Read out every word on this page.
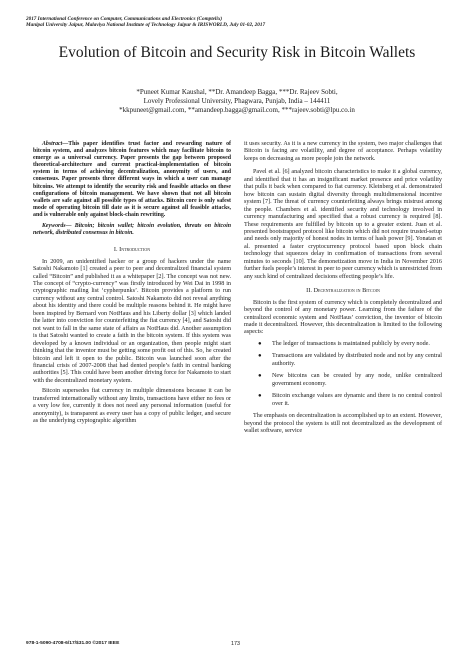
2017 International Conference on Computer, Communications and Electronics (Comptelix)
Manipal University Jaipur, Malaviya National Institute of Technology Jaipur & IRISWORLD, July 01-02, 2017
Evolution of Bitcoin and Security Risk in Bitcoin Wallets
*Puneet Kumar Kaushal, **Dr. Amandeep Bagga, ***Dr. Rajeev Sobti,
Lovely Professional University, Phagwara, Punjab, India – 144411
*kkpuneet@gmail.com, **amandeep.bagga@gmail.com, ***rajeev.sobti@lpu.co.in

Abstract—This paper identifies trust factor and rewarding nature of bitcoin system, and analyzes bitcoin features which may facilitate bitcoin to emerge as a universal currency. Paper presents the gap between proposed theoretical-architecture and current practical-implementation of bitcoin system in terms of achieving decentralization, anonymity of users, and consensus. Paper presents three different ways in which a user can manage bitcoins. We attempt to identify the security risk and feasible attacks on these configurations of bitcoin management. We have shown that not all bitcoin wallets are safe against all possible types of attacks. Bitcoin core is only safest mode of operating bitcoin till date as it is secure against all feasible attacks, and is vulnerable only against block-chain rewriting.

Keywords— Bitcoin; bitcoin wallet; bitcoin evolution, threats on bitcoin network, distributed consensus in bitcoin.

I. Introduction

In 2009, an unidentified hacker or a group of hackers under the name Satoshi Nakamoto [1] created a peer to peer and decentralized financial system called “Bitcoin” and published it as a whitepaper [2]. The concept was not new. The concept of “crypto-currency” was firstly introduced by Wei Dai in 1998 in cryptographic mailing list ‘cypherpunks’. Bitcoin provides a platform to run currency without any central control. Satoshi Nakamoto did not reveal anything about his identity and there could be multiple reasons behind it. He might have been inspired by Bernard von NotHaus and his Liberty dollar [3] which landed the latter into conviction for counterfeiting the fiat currency [4], and Satoshi did not want to fall in the same state of affairs as NotHaus did. Another assumption is that Satoshi wanted to create a faith in the bitcoin system. If this system was developed by a known individual or an organization, then people might start thinking that the inventor must be getting some profit out of this. So, he created bitcoin and left it open to the public. Bitcoin was launched soon after the financial crisis of 2007-2008 that had dented people’s faith in central banking authorities [5]. This could have been another driving force for Nakamoto to start with the decentralized monetary system.

Bitcoin supersedes fiat currency in multiple dimensions because it can be transferred internationally without any limits, transactions have either no fees or a very low fee, currently it does not need any personal information (useful for anonymity), is transparent as every user has a copy of public ledger, and secure as the underlying cryptographic algorithm

it uses security. As it is a new currency in the system, two major challenges that Bitcoin is facing are volatility, and degree of acceptance. Perhaps volatility keeps on decreasing as more people join the network.

Pavel et al. [6] analyzed bitcoin characteristics to make it a global currency, and identified that it has an insignificant market presence and price volatility that pulls it back when compared to fiat currency. Kleinberg et al. demonstrated how bitcoin can sustain digital diversity through multidimensional incentive system [7]. The threat of currency counterfeiting always brings mistrust among the people. Chambers et al. identified security and technology involved in currency manufacturing and specified that a robust currency is required [8]. These requirements are fulfilled by bitcoin up to a greater extent. Juan et al. presented bootstrapped protocol like bitcoin which did not require trusted-setup and needs only majority of honest nodes in terms of hash power [9]. Yonatan et al. presented a faster cryptocurrency protocol based upon block chain technology that squeezes delay in confirmation of transactions from several minutes to seconds [10]. The demonetization move in India in November 2016 further fuels people’s interest in peer to peer currency which is unrestricted from any such kind of centralized decisions effecting people’s life.

II. Decentralization in Bitcoin

Bitcoin is the first system of currency which is completely decentralized and beyond the control of any monetary power. Learning from the failure of the centralized economic system and NotHaus’ conviction, the inventor of bitcoin made it decentralized. However, this decentralization is limited to the following aspects:

● The ledger of transactions is maintained publicly by every node.
● Transactions are validated by distributed node and not by any central authority.
● New bitcoins can be created by any node, unlike centralized government economy.
● Bitcoin exchange values are dynamic and there is no central control over it.

The emphasis on decentralization is accomplished up to an extent. However, beyond the protocol the system is still not decentralized as the development of wallet software, service

978-1-5090-4708-6/17/$31.00 ©2017 IEEE	173
